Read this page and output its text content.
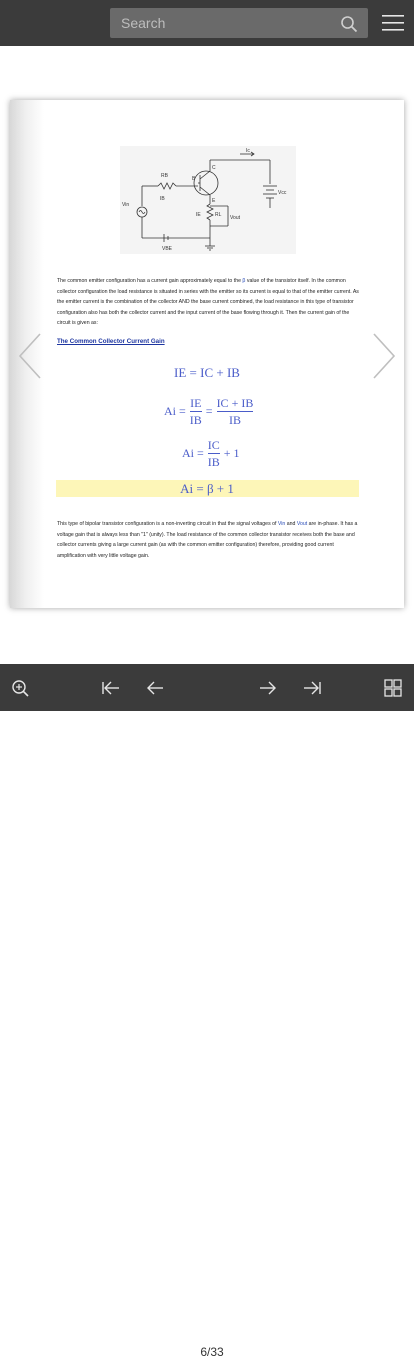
Search
Ic
RB	B
C
IB
Vin
IE
E
RL Vout
Vcc
VBE
The common emitter configuration has a current gain approximately equal to the β value of the transistor itself. In the common collector configuration the load resistance is situated in series with the emitter so its current is equal to that of the emitter current. As the emitter current is the combination of the collector AND the base current combined, the load resistance in this type of transistor configuration also has both the collector current and the input current of the base flowing through it. Then the current gain of the circuit is given as:
The Common Collector Current Gain
IE = IC + IB
$Ai = \frac{IE}{IB} = \frac{IC + IB}{IB}$
$Ai = \frac{IC}{IB} + 1$
Ai = β + 1
This type of bipolar transistor configuration is a non-inverting circuit in that the signal voltages of Vin and Vout are in-phase. It has a voltage gain that is always less than "1" (unity). The load resistance of the common collector transistor receives both the base and collector currents giving a large current gain (as with the common emitter configuration) therefore, providing good current amplification with very little voltage gain.
6/33
